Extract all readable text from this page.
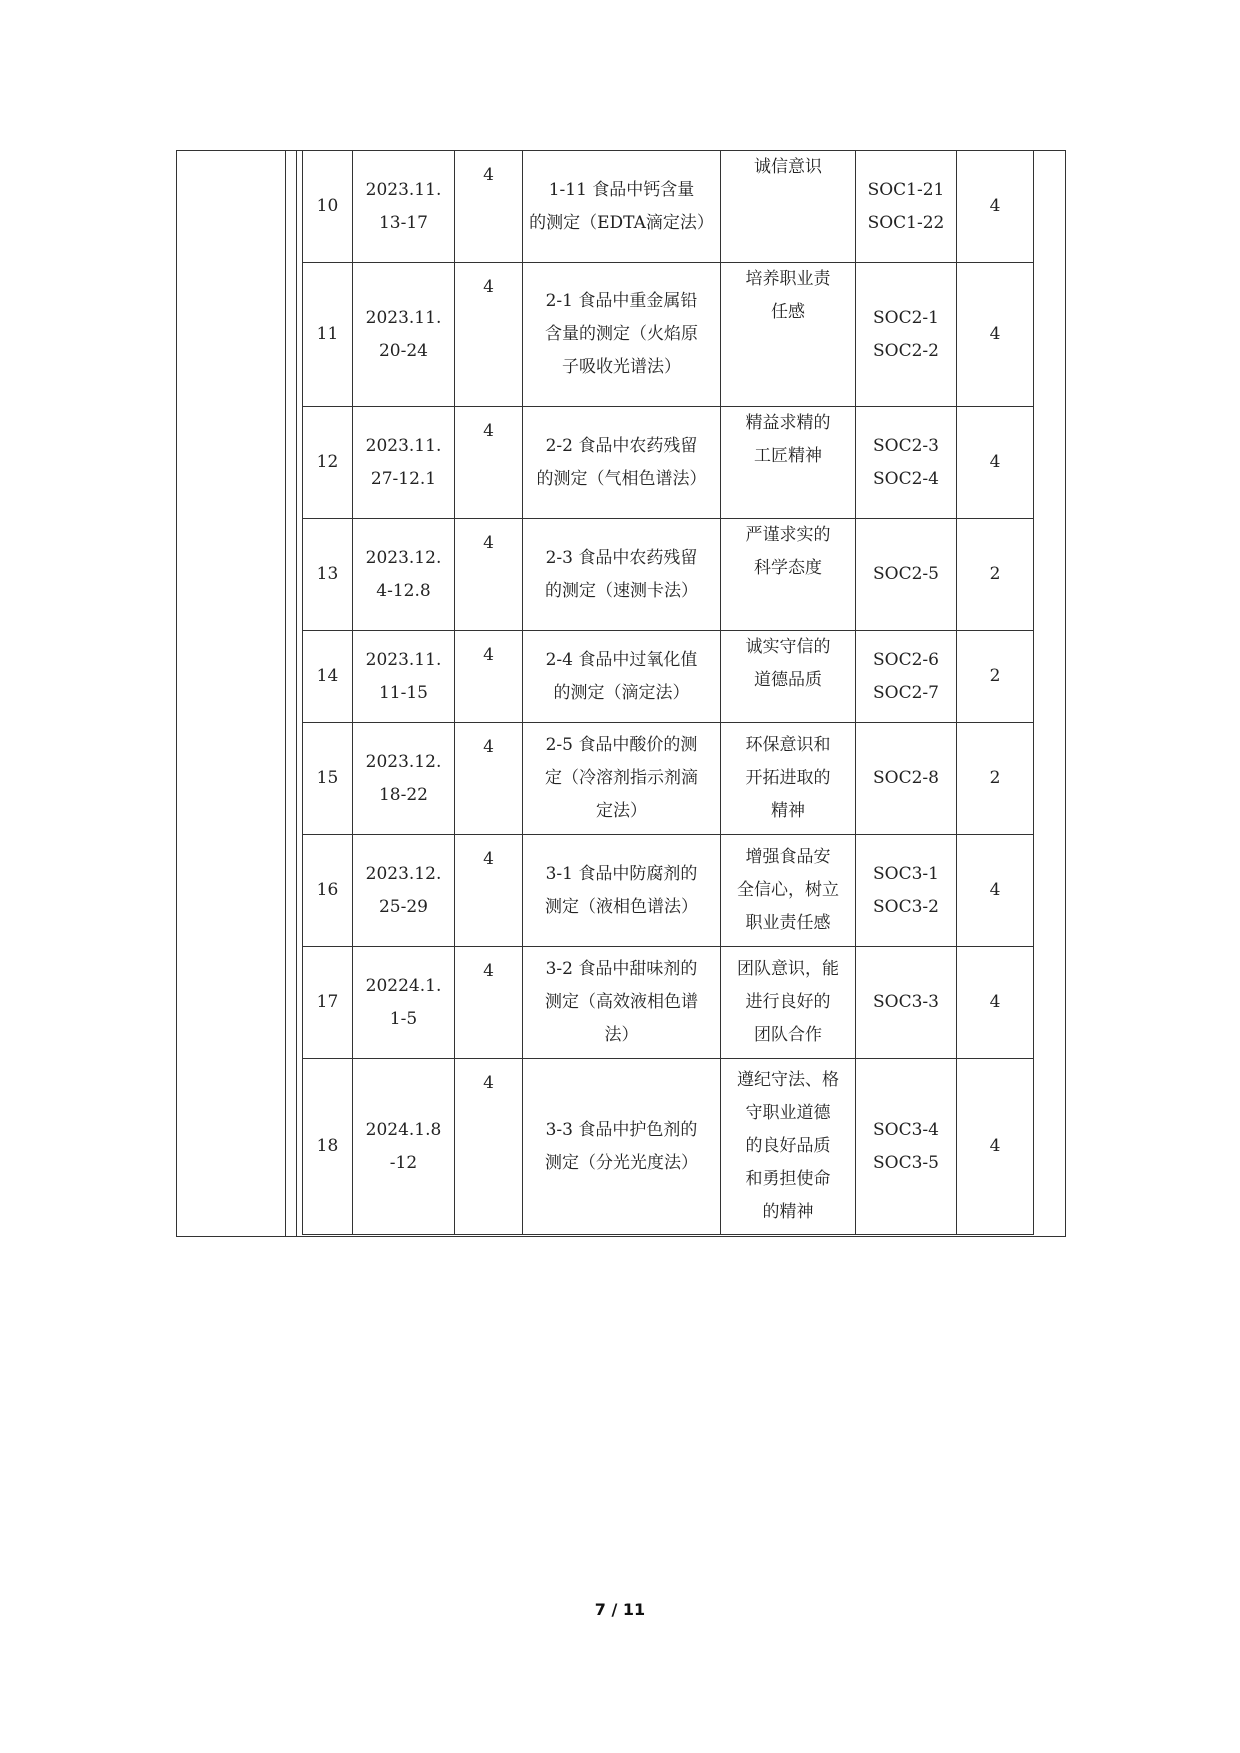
10	2023.11.
13-17	4	1-11 食品中钙含量
的测定（EDTA滴定法）	诚信意识	SOC1-21
SOC1-22	4
11	2023.11.
20-24	4	2-1 食品中重金属铅
含量的测定（火焰原
子吸收光谱法）	培养职业责
任感	SOC2-1
SOC2-2	4
12	2023.11.
27-12.1	4	2-2 食品中农药残留
的测定（气相色谱法）	精益求精的
工匠精神	SOC2-3
SOC2-4	4
13	2023.12.
4-12.8	4	2-3 食品中农药残留
的测定（速测卡法）	严谨求实的
科学态度	SOC2-5	2
14	2023.11.
11-15	4	2-4 食品中过氧化值
的测定（滴定法）	诚实守信的
道德品质	SOC2-6
SOC2-7	2
15	2023.12.
18-22	4	2-5 食品中酸价的测
定（冷溶剂指示剂滴
定法）	环保意识和
开拓进取的
精神	SOC2-8	2
16	2023.12.
25-29	4	3-1 食品中防腐剂的
测定（液相色谱法）	增强食品安
全信心，树立
职业责任感	SOC3-1
SOC3-2	4
17	20224.1.
1-5	4	3-2 食品中甜味剂的
测定（高效液相色谱
法）	团队意识，能
进行良好的
团队合作	SOC3-3	4
18	2024.1.8
-12	4	3-3 食品中护色剂的
测定（分光光度法）	遵纪守法、格
守职业道德
的良好品质
和勇担使命
的精神	SOC3-4
SOC3-5	4
7 / 11
